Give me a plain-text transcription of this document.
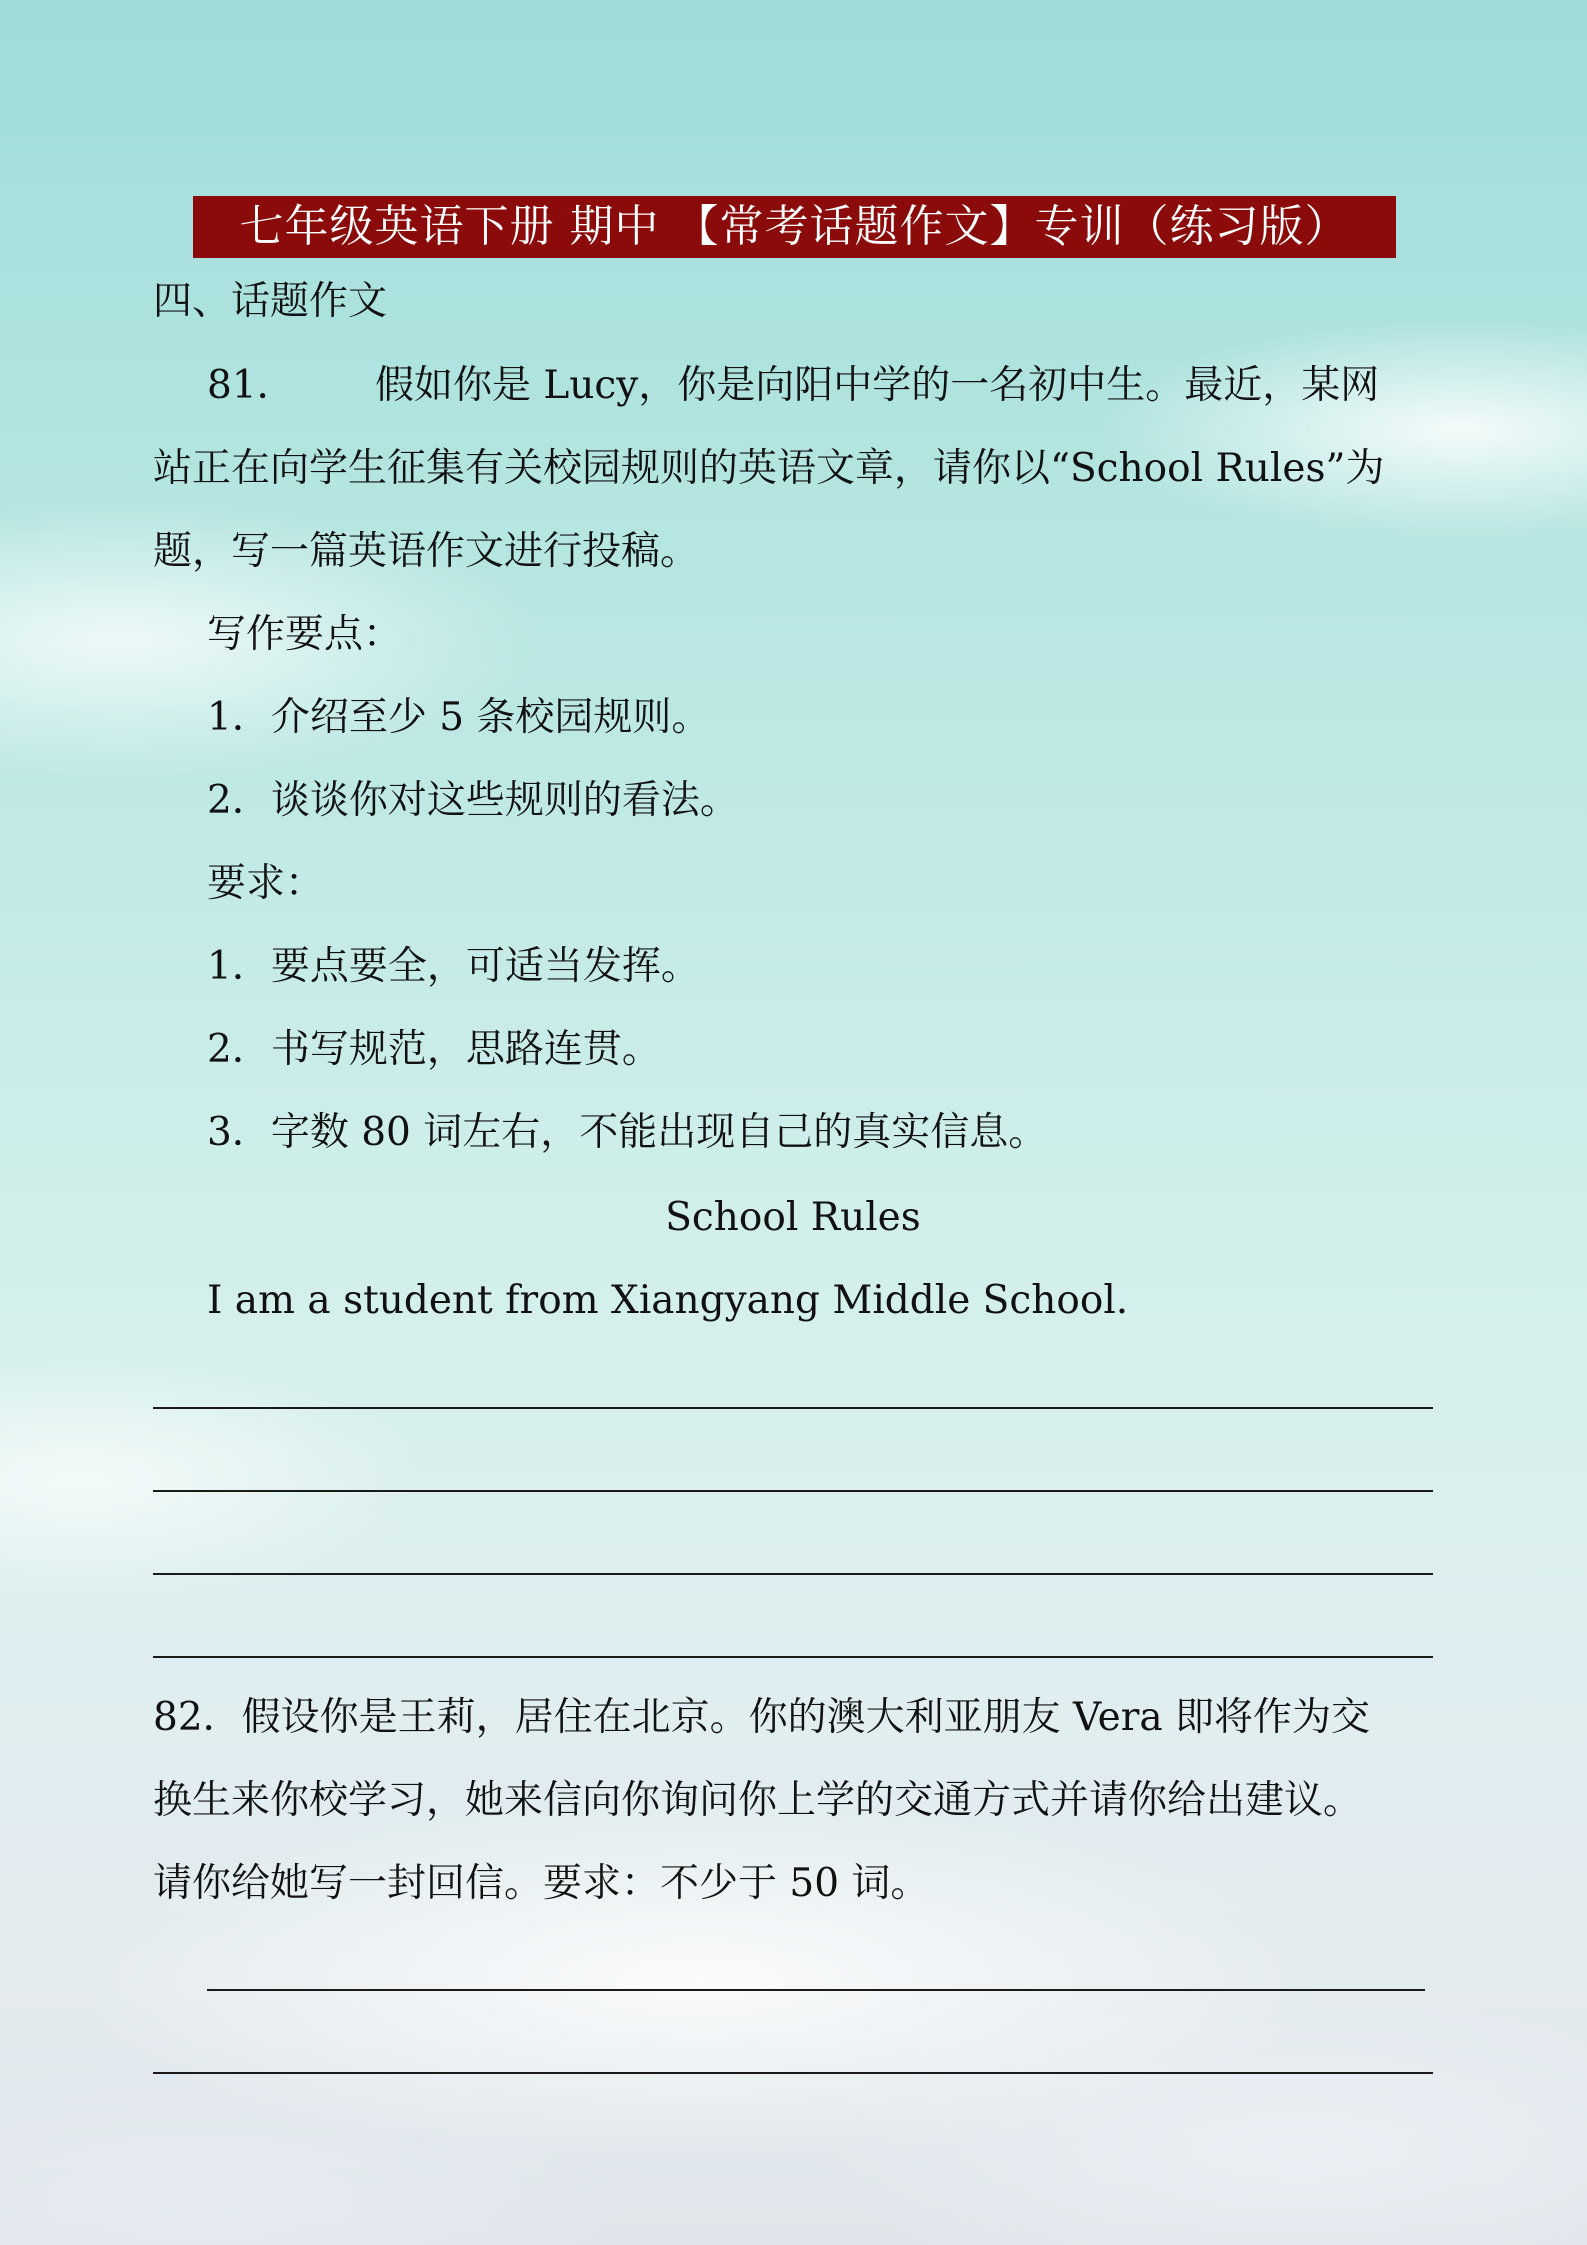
七年级英语下册 期中 【常考话题作文】专训（练习版）
四、话题作文
81． 假如你是 Lucy，你是向阳中学的一名初中生。最近，某网
站正在向学生征集有关校园规则的英语文章，请你以“School Rules”为
题，写一篇英语作文进行投稿。
写作要点：
1．介绍至少 5 条校园规则。
2．谈谈你对这些规则的看法。
要求：
1．要点要全，可适当发挥。
2．书写规范，思路连贯。
3．字数 80 词左右，不能出现自己的真实信息。
School Rules
I am a student from Xiangyang Middle School.
82．假设你是王莉，居住在北京。你的澳大利亚朋友 Vera 即将作为交
换生来你校学习，她来信向你询问你上学的交通方式并请你给出建议。
请你给她写一封回信。要求：不少于 50 词。
